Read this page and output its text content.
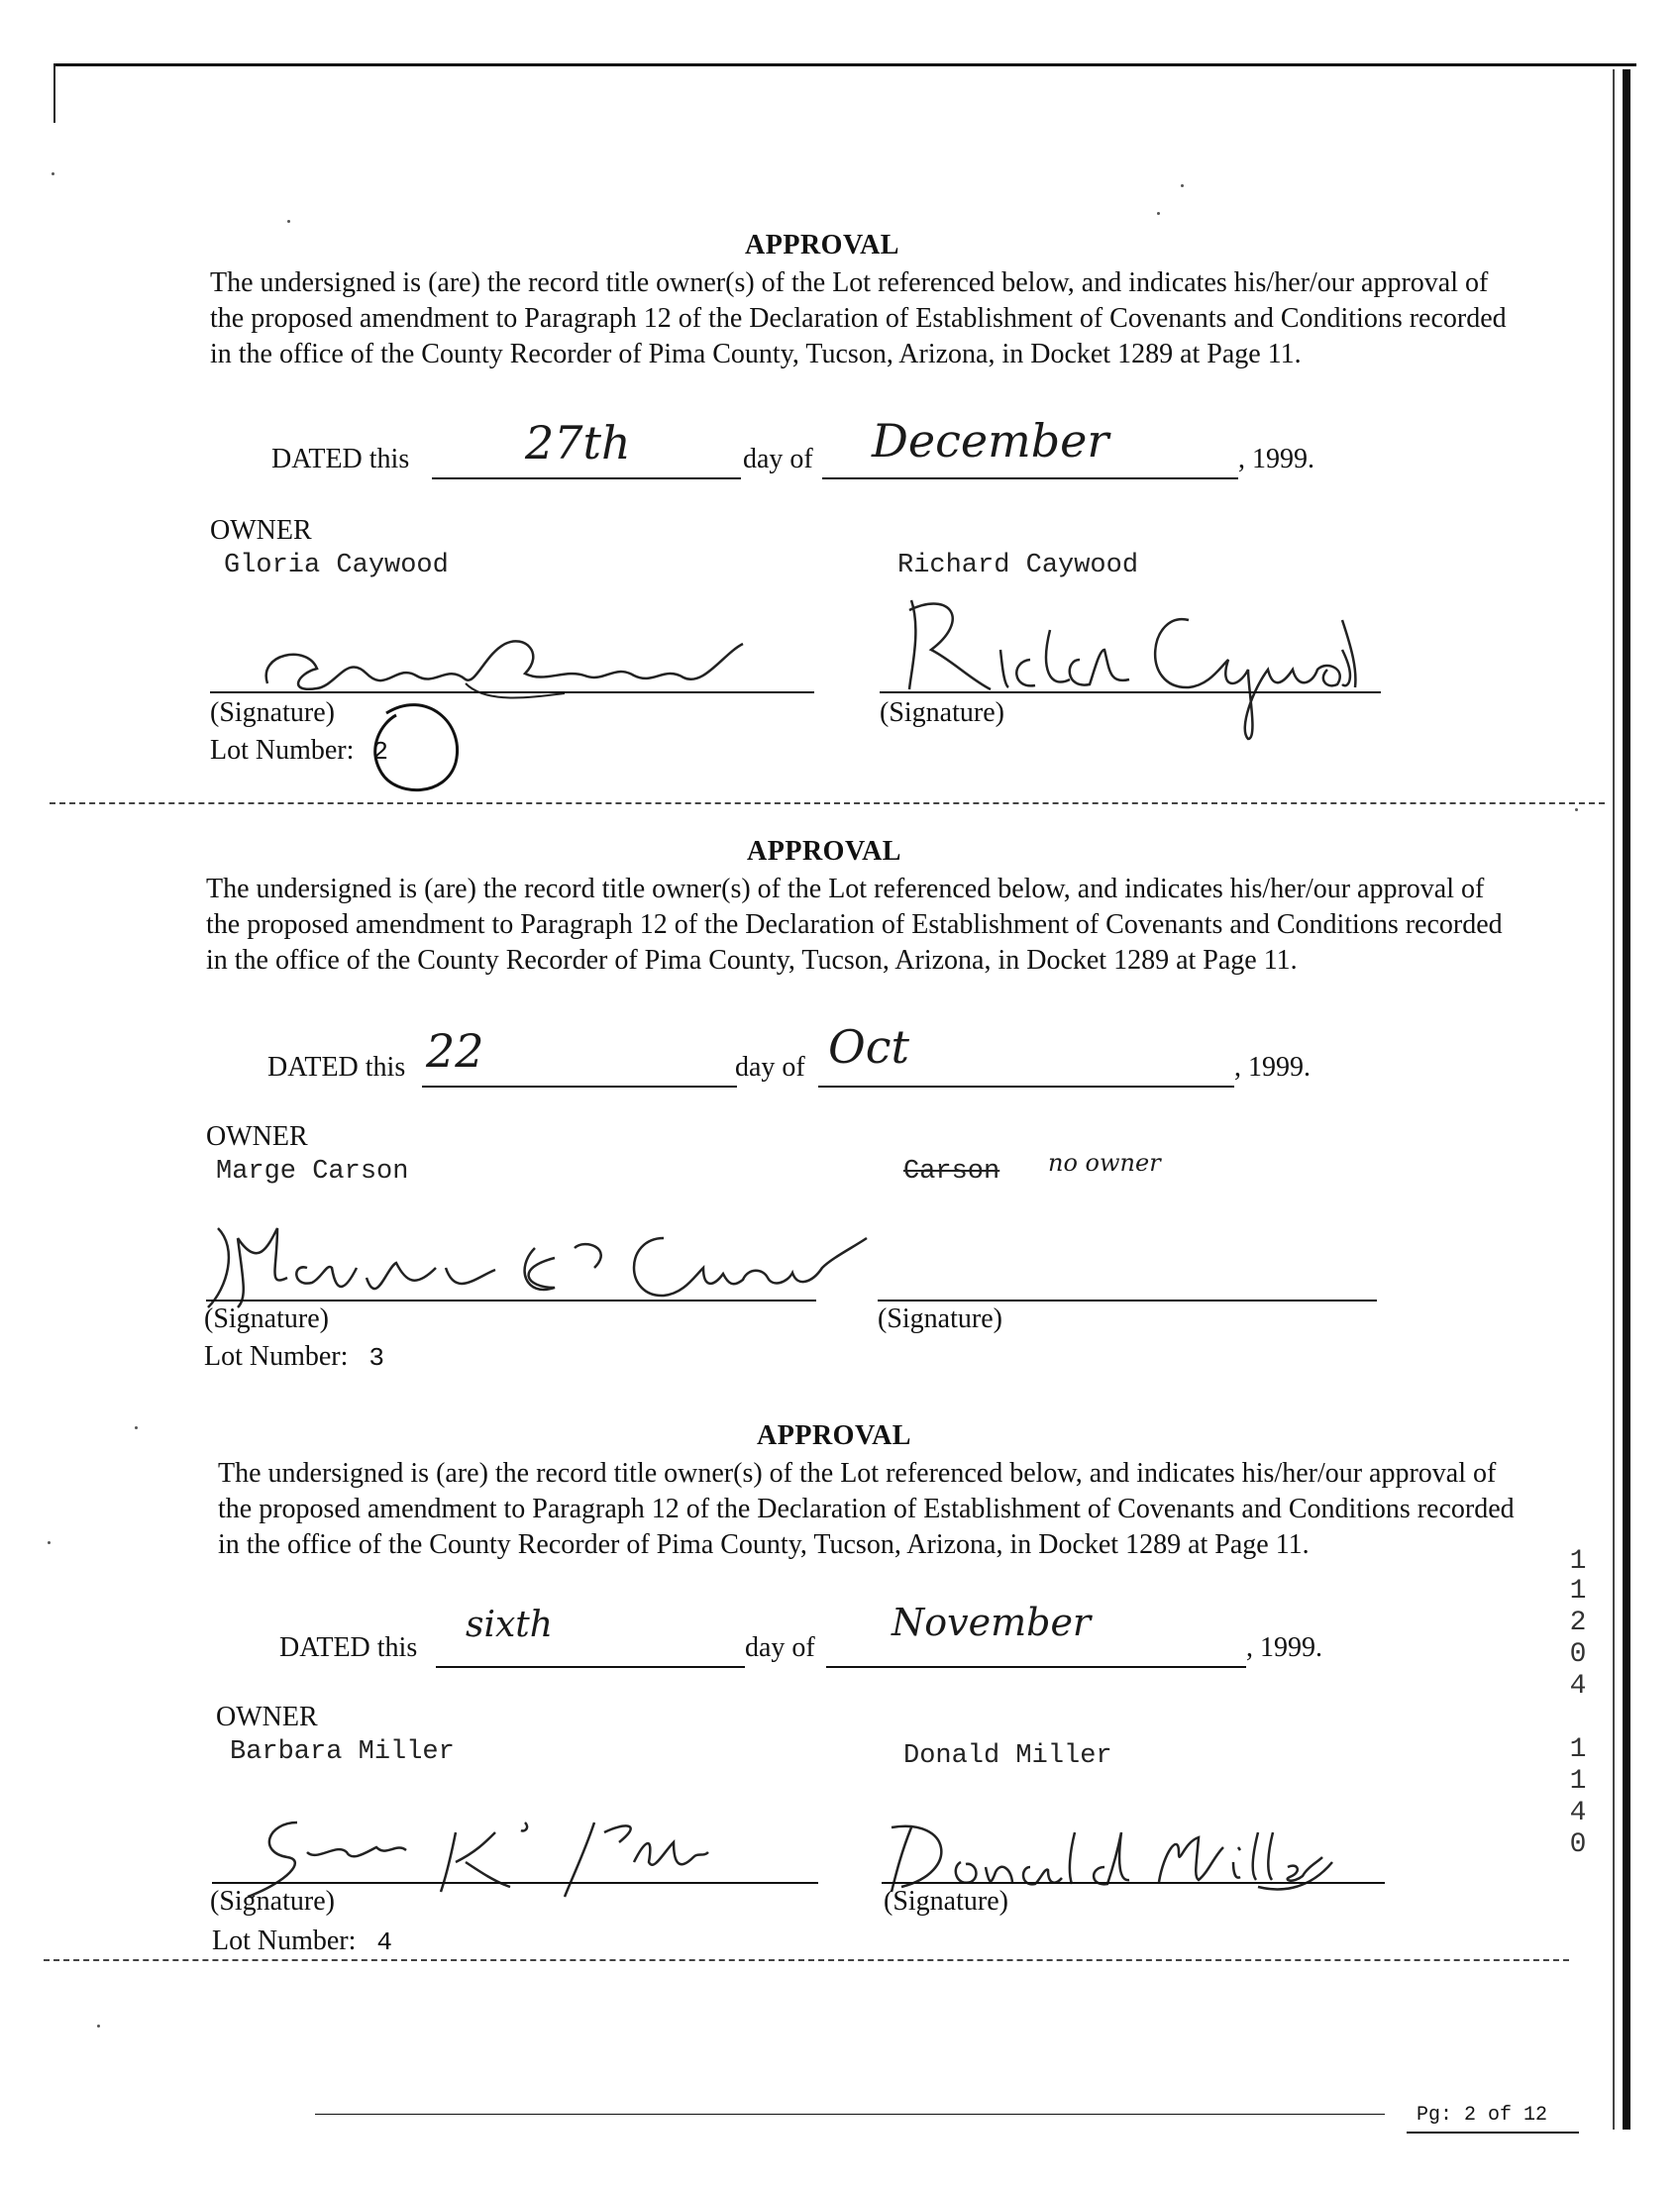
APPROVAL
The undersigned is (are) the record title owner(s) of the Lot referenced below, and indicates his/her/our approval of the proposed amendment to Paragraph 12 of the Declaration of Establishment of Covenants and Conditions recorded in the office of the County Recorder of Pima County, Tucson, Arizona, in Docket 1289 at Page 11.
DATED this	27th	day of December	, 1999.
OWNER
Gloria Caywood	Richard Caywood
(Signature)	(Signature)
Lot Number: 2
APPROVAL
The undersigned is (are) the record title owner(s) of the Lot referenced below, and indicates his/her/our approval of the proposed amendment to Paragraph 12 of the Declaration of Establishment of Covenants and Conditions recorded in the office of the County Recorder of Pima County, Tucson, Arizona, in Docket 1289 at Page 11.
DATED this 22	day of Oct	, 1999.
OWNER
Marge Carson	Carson no owner
(Signature)	(Signature)
Lot Number: 3
APPROVAL
The undersigned is (are) the record title owner(s) of the Lot referenced below, and indicates his/her/our approval of the proposed amendment to Paragraph 12 of the Declaration of Establishment of Covenants and Conditions recorded in the office of the County Recorder of Pima County, Tucson, Arizona, in Docket 1289 at Page 11.
DATED this
sixth
day of
November
, 1999.
OWNER
Barbara Miller	Donald Miller
(Signature)	(Signature)
Lot Number: 4
1
1
2
0
4
1
1
4
0
Pg: 2 of 12
